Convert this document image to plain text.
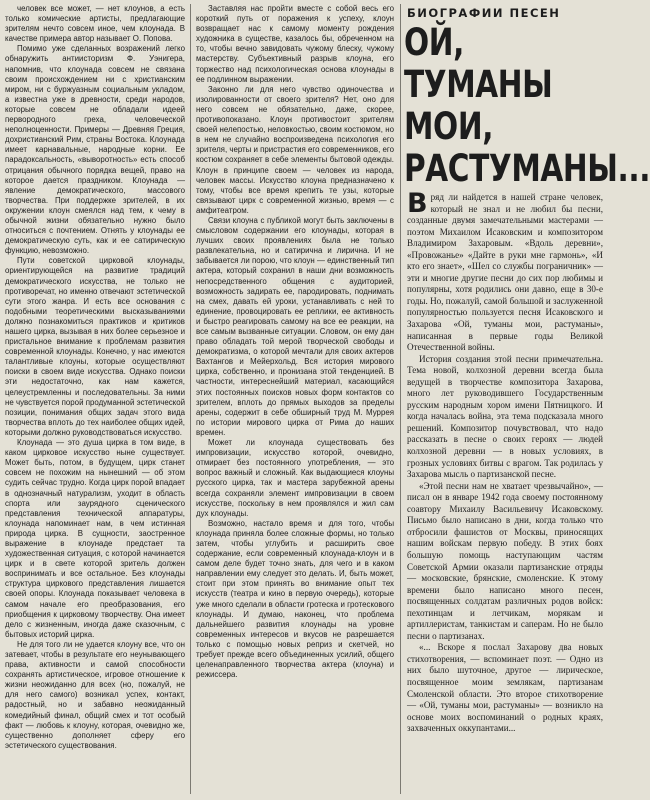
человек все может, — нет клоунов, а есть только комические артисты, предлагающие зрителям нечто совсем иное, чем клоунада. В качестве примера автор называет О. Попова.

Помимо уже сделанных возражений легко обнаружить антиисторизм Ф. Уэнигера, напомнив, что клоунада совсем не связана своим происхождением ни с христианским миром, ни с буржуазным социальным укладом, а известна уже в древности, среди народов, которые совсем не обладали идеей первородного греха, человеческой неполноценности. Примеры — Древняя Греция, дохристианский Рим, страны Востока. Клоунада имеет карнавальные, народные корни. Ее парадоксальность, «выворотность» есть способ отрицания обычного порядка вещей, право на которое дается праздником. Клоунада — явление демократического, массового творчества. При поддержке зрителей, в их окружении клоун смеялся над тем, к чему в обычной жизни обязательно нужно было относиться с почтением. Отнять у клоунады ее демократическую суть, как и ее сатирическую функцию, невозможно.

Пути советской цирковой клоунады, ориентирующейся на развитие традиций демократического искусства, не только не противоречат, но именно отвечают эстетической сути этого жанра. И есть все основания с подобными теоретическими высказываниями должно познакомиться практиков и критиков нашего цирка, вызывая в них более серьезное и пристальное внимание к проблемам развития современной клоунады. Конечно, у нас имеются талантливые клоуны, которые осуществляют поиски в своем виде искусства. Однако поиски эти недостаточно, как нам кажется, целеустремленны и последовательны. За ними не чувствуется порой продуманной эстетической позиции, понимания общих задач этого вида творчества вплоть до тех наиболее общих идей, которыми должно руководствоваться искусство.

Клоунада — это душа цирка в том виде, в каком цирковое искусство ныне существует. Может быть, потом, в будущем, цирк станет совсем не похожим на нынешний — об этом судить сейчас трудно. Когда цирк порой впадает в однозначный натурализм, уходит в область спорта или заурядного сценического представления технической аппаратуры, клоунада напоминает нам, в чем истинная природа цирка. В сущности, заостренное выражение в клоунаде предстает та художественная ситуация, с которой начинается цирк и в свете которой зритель должен воспринимать и все остальное. Без клоунады структура циркового представления лишается своей опоры. Клоунада показывает человека в самом начале его преобразования, его приобщения к цирковому творчеству. Она имеет дело с жизненным, иногда даже сказочным, с бытовых историй цирка.

Не для того ли не удается клоуну все, что он затевает, чтобы в результате его неунывающего права, активности и самой способности сохранять артистическое, игровое отношение к жизни неожиданно для всех (но, пожалуй, не для него самого) возникал успех, контакт, радостный, но и забавно неожиданный комедийный финал, общий смех и тот особый факт — любовь к клоуну, которая, очевидно же, существенно дополняет сферу его эстетического существования.

Заставляя нас пройти вместе с собой весь его короткий путь от поражения к успеху, клоун возвращает нас к самому моменту рождения художника в существе, казалось бы, обреченном на то, чтобы вечно завидовать чужому блеску, чужому мастерству. Субъективный разрыв клоуна, его торжество над психологическая основа клоунады в ее подлинном выражении.

Законно ли для него чувство одиночества и изолированности от своего зрителя? Нет, оно для него совсем не обязательно, даже, скорее, противопоказано. Клоун противостоит зрителям своей нелепостью, неловкостью, своим костюмом, но в нем не случайно воспроизведена психология его зрителя, черты и пристрастия его современников, его костюм сохраняет в себе элементы бытовой одежды. Клоун в принципе своем — человек из народа, человек массы. Искусство клоуна предназначено к тому, чтобы все время крепить те узы, которые связывают цирк с современной жизнью, время — с амфитеатром.

Связи клоуна с публикой могут быть заключены в смысловом содержании его клоунады, которая в лучших своих проявлениях была не только развлекательна, но и сатирична и лирична. И не забывается ли порою, что клоун — единственный тип актера, который сохранил в наши дни возможность непосредственного общения с аудиторией, возможность задирать ее, пародировать, поднимать на смех, давать ей уроки, устанавливать с ней то единение, провоцировать ее реплики, ее активность и быстро реагировать самому на все ее реакции, на все самым вызванные ситуации. Словом, он ему дан право обладать той мерой творческой свободы и демократизма, о которой мечтали для своих актеров Вахтангов и Мейерхольд. Вся история мирового цирка, собственно, и пронизана этой тенденцией. В частности, интереснейший материал, касающийся этих постоянных поисков новых форм контактов со зрителем, вплоть до прямых выходов за пределы арены, содержит в себе обширный труд М. Муррея по истории мирового цирка от Рима до наших времен.

Может ли клоунада существовать без импровизации, искусство которой, очевидно, отмирает без постоянного употребления, — это вопрос важный и сложный. Как выдающиеся клоуны русского цирка, так и мастера зарубежной арены всегда сохраняли элемент импровизации в своем искусстве, поскольку в нем проявлялся и жил сам дух клоунады.

Возможно, настало время и для того, чтобы клоунада приняла более сложные формы, но только затем, чтобы углубить и расширить свое содержание, если современный клоунада-клоун и в самом деле будет точно знать, для чего и в каком направлении ему следует это делать. И, быть может, стоит при этом принять во внимание опыт тех искусств (театра и кино в первую очередь), которые уже много сделали в области гротеска и гротескового клоунады. И думаю, наконец, что проблема дальнейшего развития клоунады на уровне современных интересов и вкусов не разрешается только с помощью новых реприз и скетчей, но требует прежде всего объединенных усилий, общего целенаправленного творчества актера (клоуна) и режиссера.

БИОГРАФИИ ПЕСЕН
ОЙ,
ТУМАНЫ
МОИ,
РАСТУМАНЫ...

Вряд ли найдется в нашей стране человек, который не знал и не любил бы песни, созданные двумя замечательными мастерами — поэтом Михаилом Исаковским и композитором Владимиром Захаровым. «Вдоль деревни», «Провожанье» «Дайте в руки мне гармонь», «И кто его знает», «Шел со службы пограничник» — эти и многие другие песни до сих пор любимы и популярны, хотя родились они давно, еще в 30-е годы. Но, пожалуй, самой большой и заслуженной популярностью пользуется песня Исаковского и Захарова «Ой, туманы мои, растуманы», написанная в первые годы Великой Отечественной войны.

История создания этой песни примечательна. Тема новой, колхозной деревни всегда была ведущей в творчестве композитора Захарова, много лет руководившего Государственным русским народным хором имени Пятницкого. И когда началась война, эта тема подсказала много решений. Композитор почувствовал, что надо рассказать в песне о своих героях — людей колхозной деревни — в новых условиях, в грозных условиях битвы с врагом. Так родилась у Захарова мысль о партизанской песне.

«Этой песни нам не хватает чрезвычайно», — писал он в январе 1942 года своему постоянному соавтору Михаилу Васильевичу Исаковскому. Письмо было написано в дни, когда только что отбросили фашистов от Москвы, приносящих нашим войскам первую победу. В этих боях большую помощь наступающим частям Советской Армии оказали партизанские отряды — московские, брянские, смоленские. К этому времени было написано много песен, посвященных солдатам различных родов войск: пехотинцам и летчикам, морякам и артиллеристам, танкистам и саперам. Но не было песни о партизанах.

«... Вскоре я послал Захарову два новых стихотворения, — вспоминает поэт. — Одно из них было шуточное, другое — лирическое, посвященное моим землякам, партизанам Смоленской области. Это второе стихотворение — «Ой, туманы мои, растуманы» — возникло на основе моих воспоминаний о родных краях, захваченных оккупантами...
